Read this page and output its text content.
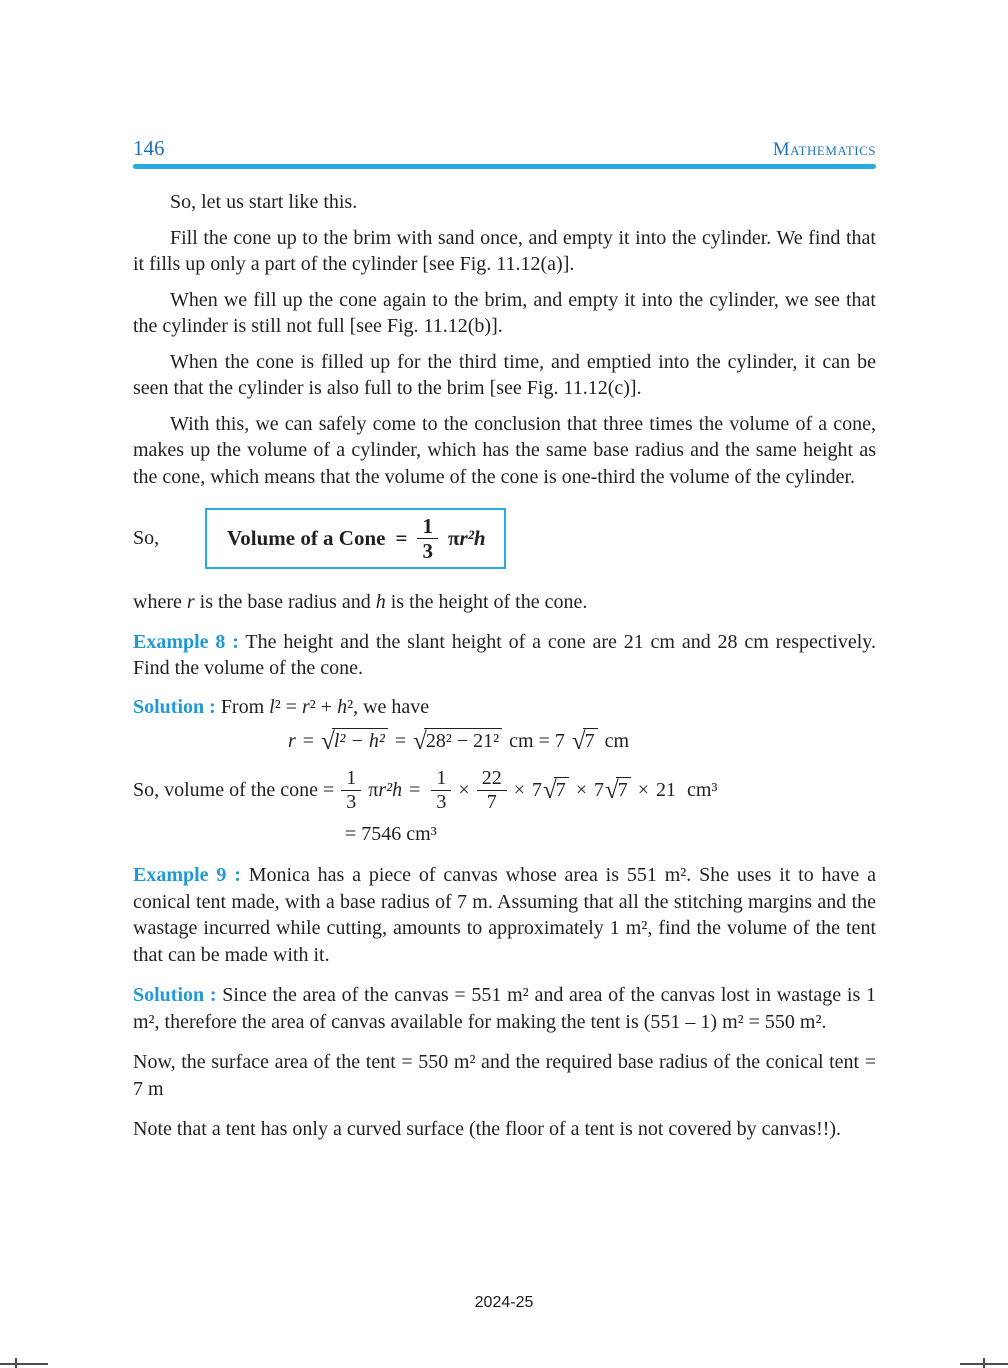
146	Mathematics

So, let us start like this.

Fill the cone up to the brim with sand once, and empty it into the cylinder. We find that it fills up only a part of the cylinder [see Fig. 11.12(a)].

When we fill up the cone again to the brim, and empty it into the cylinder, we see that the cylinder is still not full [see Fig. 11.12(b)].

When the cone is filled up for the third time, and emptied into the cylinder, it can be seen that the cylinder is also full to the brim [see Fig. 11.12(c)].

With this, we can safely come to the conclusion that three times the volume of a cone, makes up the volume of a cylinder, which has the same base radius and the same height as the cone, which means that the volume of the cone is one-third the volume of the cylinder.

So,	Volume of a Cone = $\frac{1}{3} \pi r^2h$

where r is the base radius and h is the height of the cone.

Example 8 : The height and the slant height of a cone are 21 cm and 28 cm respectively. Find the volume of the cone.

Solution : From l² = r² + h², we have

r = √l² − h² = √28² − 21² cm = 7 √7 cm
So, volume of the cone = $\frac{1}{3} \pi r^2h = \frac{1}{3} \times \frac{22}{7} \times 7$ √7 × 7 √7 × 21 cm³
= 7546 cm³

Example 9 : Monica has a piece of canvas whose area is 551 m². She uses it to have a conical tent made, with a base radius of 7 m. Assuming that all the stitching margins and the wastage incurred while cutting, amounts to approximately 1 m², find the volume of the tent that can be made with it.

Solution : Since the area of the canvas = 551 m² and area of the canvas lost in wastage is 1 m², therefore the area of canvas available for making the tent is (551 – 1) m² = 550 m².

Now, the surface area of the tent = 550 m² and the required base radius of the conical tent = 7 m

Note that a tent has only a curved surface (the floor of a tent is not covered by canvas!!).

2024-25
